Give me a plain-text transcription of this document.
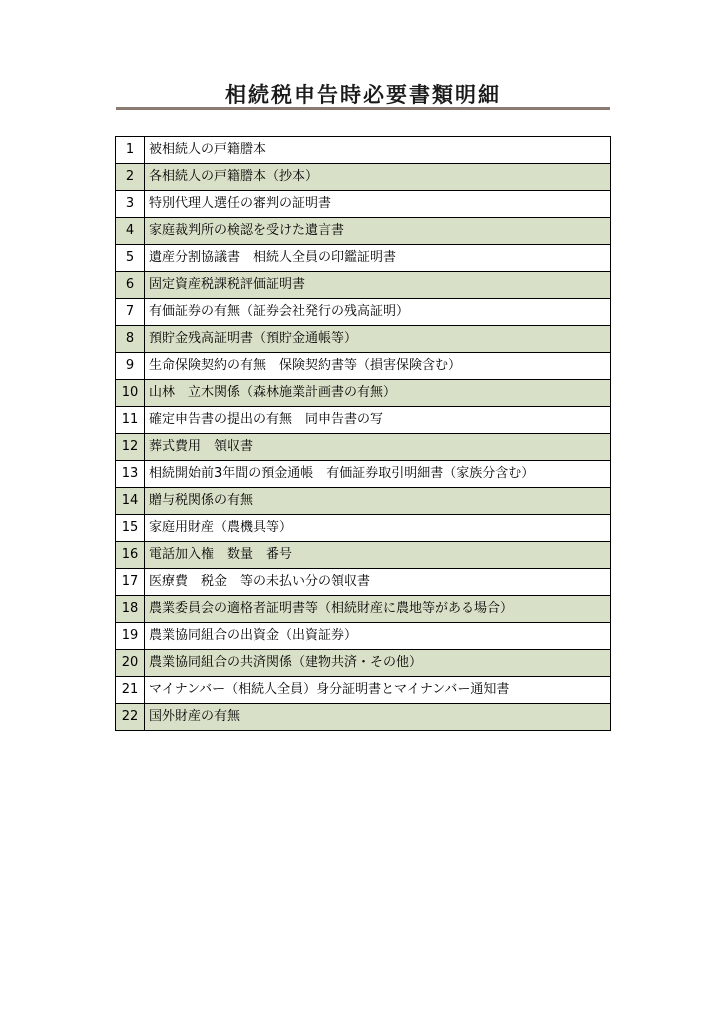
相続税申告時必要書類明細
1	被相続人の戸籍謄本
2	各相続人の戸籍謄本（抄本）
3	特別代理人選任の審判の証明書
4	家庭裁判所の検認を受けた遺言書
5	遺産分割協議書　相続人全員の印鑑証明書
6	固定資産税課税評価証明書
7	有価証券の有無（証券会社発行の残高証明）
8	預貯金残高証明書（預貯金通帳等）
9	生命保険契約の有無　保険契約書等（損害保険含む）
10	山林　立木関係（森林施業計画書の有無）
11	確定申告書の提出の有無　同申告書の写
12	葬式費用　領収書
13	相続開始前3年間の預金通帳　有価証券取引明細書（家族分含む）
14	贈与税関係の有無
15	家庭用財産（農機具等）
16	電話加入権　数量　番号
17	医療費　税金　等の未払い分の領収書
18	農業委員会の適格者証明書等（相続財産に農地等がある場合）
19	農業協同組合の出資金（出資証券）
20	農業協同組合の共済関係（建物共済・その他）
21	マイナンバー（相続人全員）身分証明書とマイナンバー通知書
22	国外財産の有無
